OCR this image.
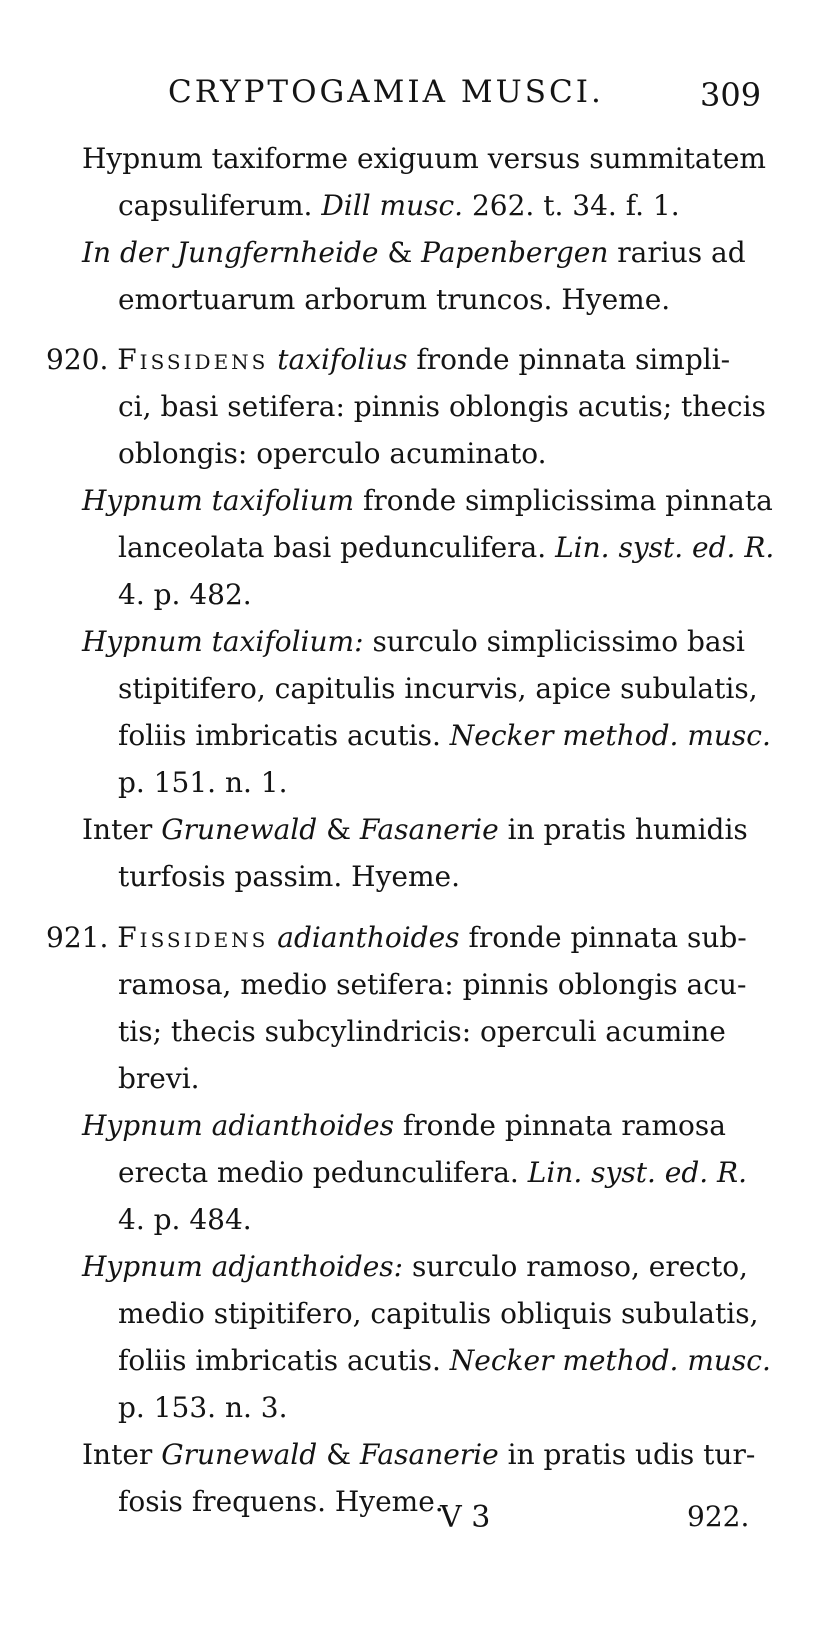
CRYPTOGAMIA MUSCI.	309
Hypnum taxiforme exiguum versus summitatem
capsuliferum. Dill musc. 262. t. 34. f. 1.
In der Jungfernheide & Papenbergen rarius ad
emortuarum arborum truncos. Hyeme.
920. Fissidens taxifolius fronde pinnata simpli-
ci, basi setifera: pinnis oblongis acutis; thecis
oblongis: operculo acuminato.
Hypnum taxifolium fronde simplicissima pinnata
lanceolata basi pedunculifera. Lin. syst. ed. R.
4. p. 482.
Hypnum taxifolium: surculo simplicissimo basi
stipitifero, capitulis incurvis, apice subulatis,
foliis imbricatis acutis. Necker method. musc.
p. 151. n. 1.
Inter Grunewald & Fasanerie in pratis humidis
turfosis passim. Hyeme.
921. Fissidens adianthoides fronde pinnata sub-
ramosa, medio setifera: pinnis oblongis acu-
tis; thecis subcylindricis: operculi acumine
brevi.
Hypnum adianthoides fronde pinnata ramosa
erecta medio pedunculifera. Lin. syst. ed. R.
4. p. 484.
Hypnum adjanthoides: surculo ramoso, erecto,
medio stipitifero, capitulis obliquis subulatis,
foliis imbricatis acutis. Necker method. musc.
p. 153. n. 3.
Inter Grunewald & Fasanerie in pratis udis tur-
fosis frequens. Hyeme.
V 3	922.
